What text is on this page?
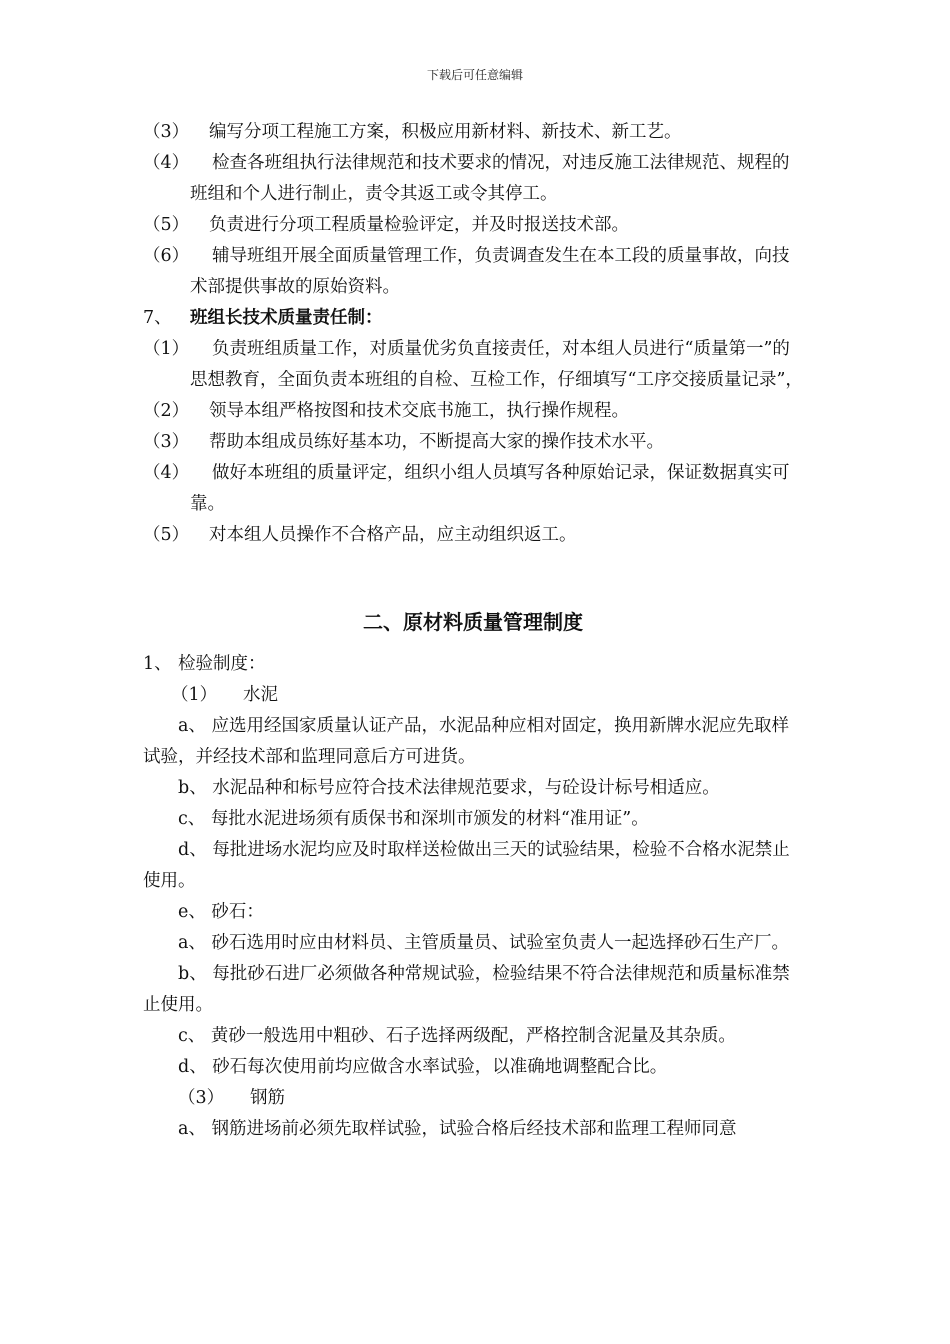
下载后可任意编辑
（3）	编写分项工程施工方案，积极应用新材料、新技术、新工艺。
（4） 检查各班组执行法律规范和技术要求的情况，对违反施工法律规范、规程的班组和个人进行制止，责令其返工或令其停工。
（5）	负责进行分项工程质量检验评定，并及时报送技术部。
（6） 辅导班组开展全面质量管理工作，负责调查发生在本工段的质量事故，向技术部提供事故的原始资料。
7、	班组长技术质量责任制：
（1） 负责班组质量工作，对质量优劣负直接责任，对本组人员进行“质量第一”的思想教育，全面负责本班组的自检、互检工作，仔细填写“工序交接质量记录”，
（2）	领导本组严格按图和技术交底书施工，执行操作规程。
（3）	帮助本组成员练好基本功，不断提高大家的操作技术水平。
（4） 做好本班组的质量评定，组织小组人员填写各种原始记录，保证数据真实可靠。
（5）	对本组人员操作不合格产品，应主动组织返工。
二、原材料质量管理制度
1、 检验制度：
（1） 水泥
a、 应选用经国家质量认证产品，水泥品种应相对固定，换用新牌水泥应先取样试验，并经技术部和监理同意后方可进货。
b、 水泥品种和标号应符合技术法律规范要求，与砼设计标号相适应。
c、 每批水泥进场须有质保书和深圳市颁发的材料“准用证”。
d、 每批进场水泥均应及时取样送检做出三天的试验结果，检验不合格水泥禁止使用。
e、 砂石：
a、 砂石选用时应由材料员、主管质量员、试验室负责人一起选择砂石生产厂。
b、 每批砂石进厂必须做各种常规试验，检验结果不符合法律规范和质量标准禁止使用。
c、 黄砂一般选用中粗砂、石子选择两级配，严格控制含泥量及其杂质。
d、 砂石每次使用前均应做含水率试验，以准确地调整配合比。
（3） 钢筋
a、 钢筋进场前必须先取样试验，试验合格后经技术部和监理工程师同意
